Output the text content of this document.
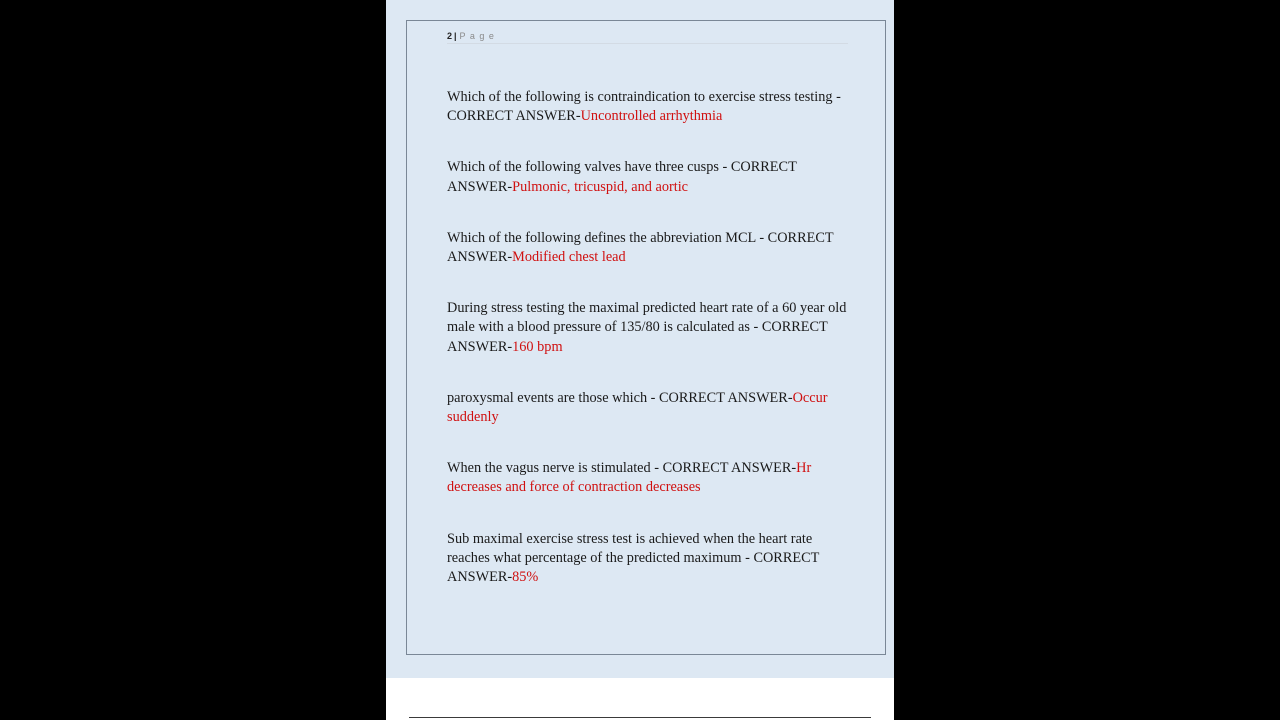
2 | P a g e

Which of the following is contraindication to exercise stress testing - CORRECT ANSWER-Uncontrolled arrhythmia

Which of the following valves have three cusps - CORRECT ANSWER-Pulmonic, tricuspid, and aortic

Which of the following defines the abbreviation MCL - CORRECT ANSWER-Modified chest lead

During stress testing the maximal predicted heart rate of a 60 year old male with a blood pressure of 135/80 is calculated as - CORRECT ANSWER-160 bpm

paroxysmal events are those which - CORRECT ANSWER-Occur suddenly

When the vagus nerve is stimulated - CORRECT ANSWER-Hr decreases and force of contraction decreases

Sub maximal exercise stress test is achieved when the heart rate reaches what percentage of the predicted maximum - CORRECT ANSWER-85%
